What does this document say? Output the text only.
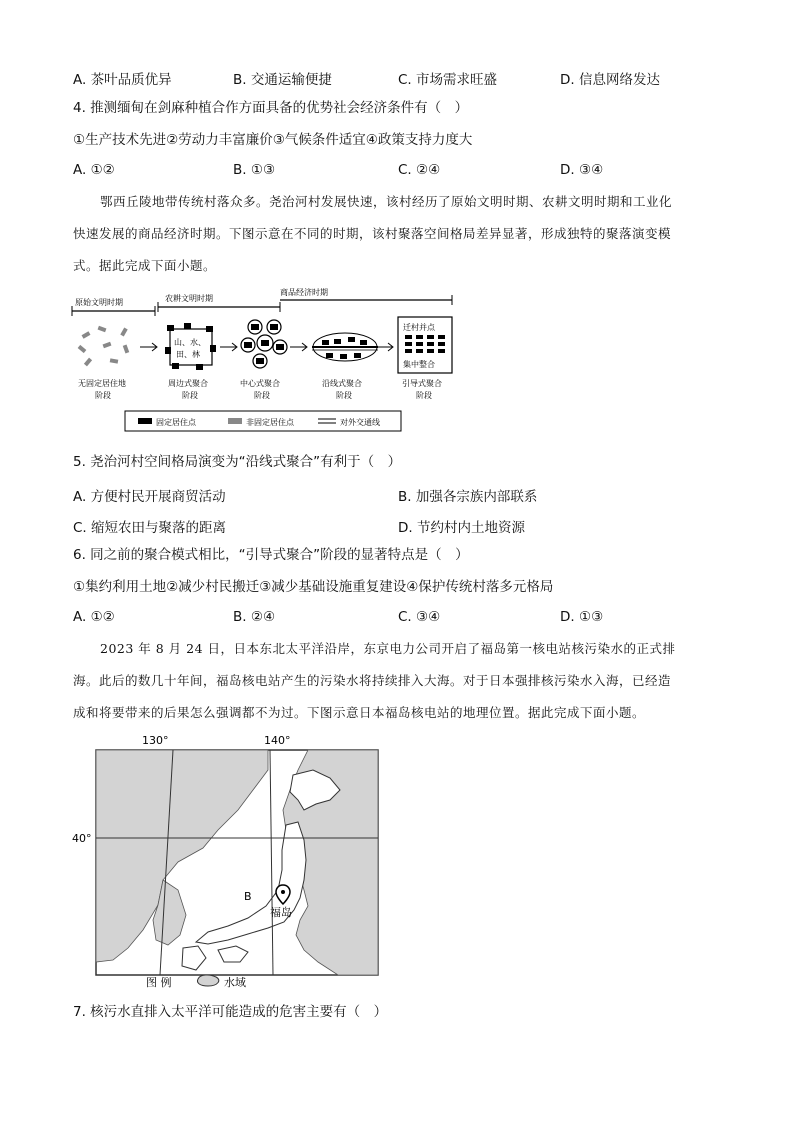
A. 茶叶品质优异	B. 交通运输便捷	C. 市场需求旺盛	D. 信息网络发达
4. 推测缅甸在剑麻种植合作方面具备的优势社会经济条件有（　）
①生产技术先进②劳动力丰富廉价③气候条件适宜④政策支持力度大
A. ①②	B. ①③	C. ②④	D. ③④
鄂西丘陵地带传统村落众多。尧治河村发展快速，该村经历了原始文明时期、农耕文明时期和工业化
快速发展的商品经济时期。下图示意在不同的时期，该村聚落空间格局差异显著，形成独特的聚落演变模
式。据此完成下面小题。
原始文明时期	农耕文明时期
商品经济时期
山、水、
田、林
迁村并点
集中整合
无固定居住地
阶段
周边式聚合
阶段
中心式聚合
阶段
沿线式聚合
阶段
引导式聚合
阶段
固定居住点	非固定居住点	对外交通线
5. 尧治河村空间格局演变为“沿线式聚合”有利于（　）
A. 方便村民开展商贸活动	B. 加强各宗族内部联系
C. 缩短农田与聚落的距离	D. 节约村内土地资源
6. 同之前的聚合模式相比，“引导式聚合”阶段的显著特点是（　）
①集约利用土地②减少村民搬迁③减少基础设施重复建设④保护传统村落多元格局
A. ①②	B. ②④	C. ③④	D. ①③
2023 年 8 月 24 日，日本东北太平洋沿岸，东京电力公司开启了福岛第一核电站核污染水的正式排
海。此后的数几十年间，福岛核电站产生的污染水将持续排入大海。对于日本强排核污染水入海，已经造
成和将要带来的后果怎么强调都不为过。下图示意日本福岛核电站的地理位置。据此完成下面小题。
130°	140°
40°
B
福岛
图 例	水域
7. 核污水直排入太平洋可能造成的危害主要有（　）
